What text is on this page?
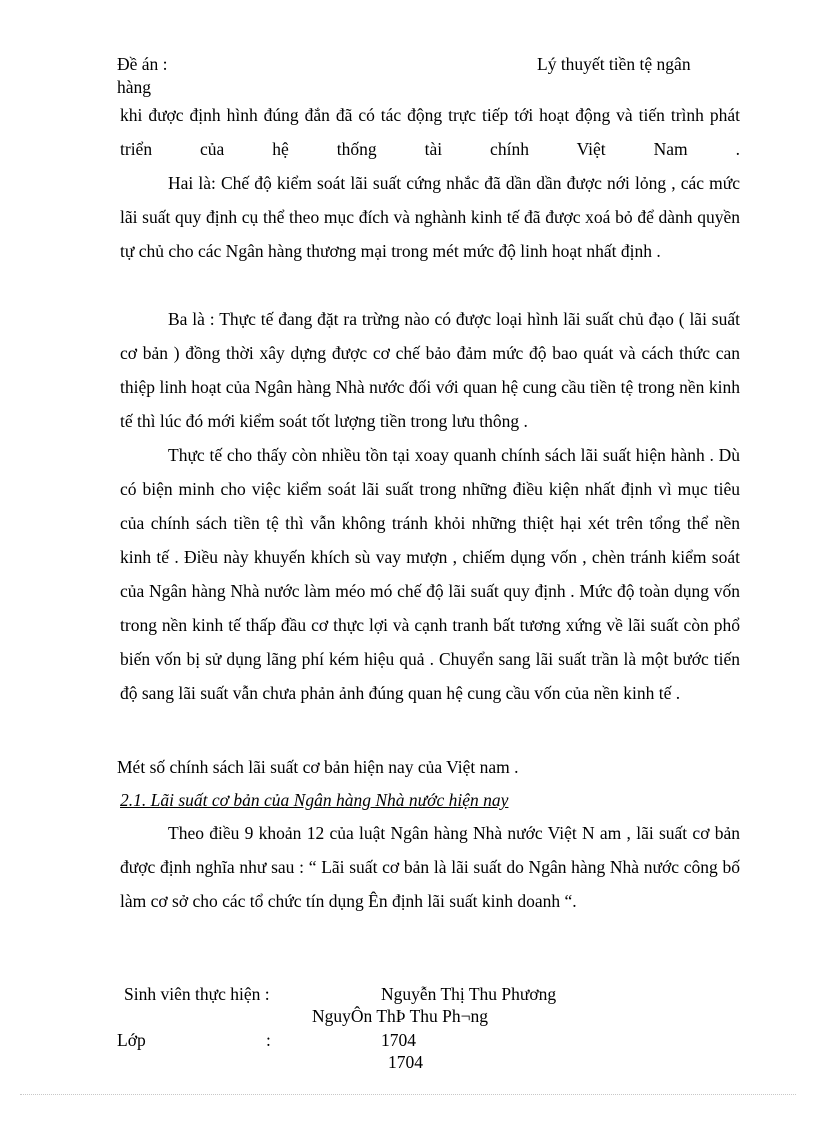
Đề án :	Lý thuyết tiền tệ ngân
hàng
khi được định hình đúng đắn đã có tác động trực tiếp tới hoạt động và tiến trình phát triển của hệ thống tài chính Việt Nam .
Hai là: Chế độ kiểm soát lãi suất cứng nhắc đã dần dần được nới lỏng , các mức lãi suất quy định cụ thể theo mục đích và nghành kinh tế đã được xoá bỏ để dành quyền tự chủ cho các Ngân hàng thương mại trong mét mức độ linh hoạt nhất định .
Ba là : Thực tế đang đặt ra trừng nào có được loại hình lãi suất chủ đạo ( lãi suất cơ bản ) đồng thời xây dựng được cơ chế bảo đảm mức độ bao quát và cách thức can thiệp linh hoạt của Ngân hàng Nhà nước đối với quan hệ cung cầu tiền tệ trong nền kinh tế thì lúc đó mới kiểm soát tốt lượng tiền trong lưu thông .
Thực tế cho thấy còn nhiều tồn tại xoay quanh chính sách lãi suất hiện hành . Dù có biện minh cho việc kiểm soát lãi suất trong những điều kiện nhất định vì mục tiêu của chính sách tiền tệ thì vẫn không tránh khỏi những thiệt hại xét trên tổng thể nền kinh tế . Điều này khuyến khích sù vay mượn , chiếm dụng vốn , chèn tránh kiểm soát của Ngân hàng Nhà nước làm méo mó chế độ lãi suất quy định . Mức độ toàn dụng vốn trong nền kinh tế thấp đầu cơ thực lợi và cạnh tranh bất tương xứng về lãi suất còn phổ biến vốn bị sử dụng lãng phí kém hiệu quả . Chuyển sang lãi suất trần là một bước tiến độ sang lãi suất vẫn chưa phản ảnh đúng quan hệ cung cầu vốn của nền kinh tế .
Mét số chính sách lãi suất cơ bản hiện nay của Việt nam .
2.1. Lãi suất cơ bản của Ngân hàng Nhà nước hiện nay
Theo điều 9 khoản 12 của luật Ngân hàng Nhà nước Việt N am , lãi suất cơ bản được định nghĩa như sau : “ Lãi suất cơ bản là lãi suất do Ngân hàng Nhà nước công bố làm cơ sở cho các tổ chức tín dụng Ên định lãi suất kinh doanh “.
Sinh viên thực hiện :	Nguyễn Thị Thu Phương
NguyÔn ThÞ Thu Ph¬ng
Lớp	:	1704
1704
